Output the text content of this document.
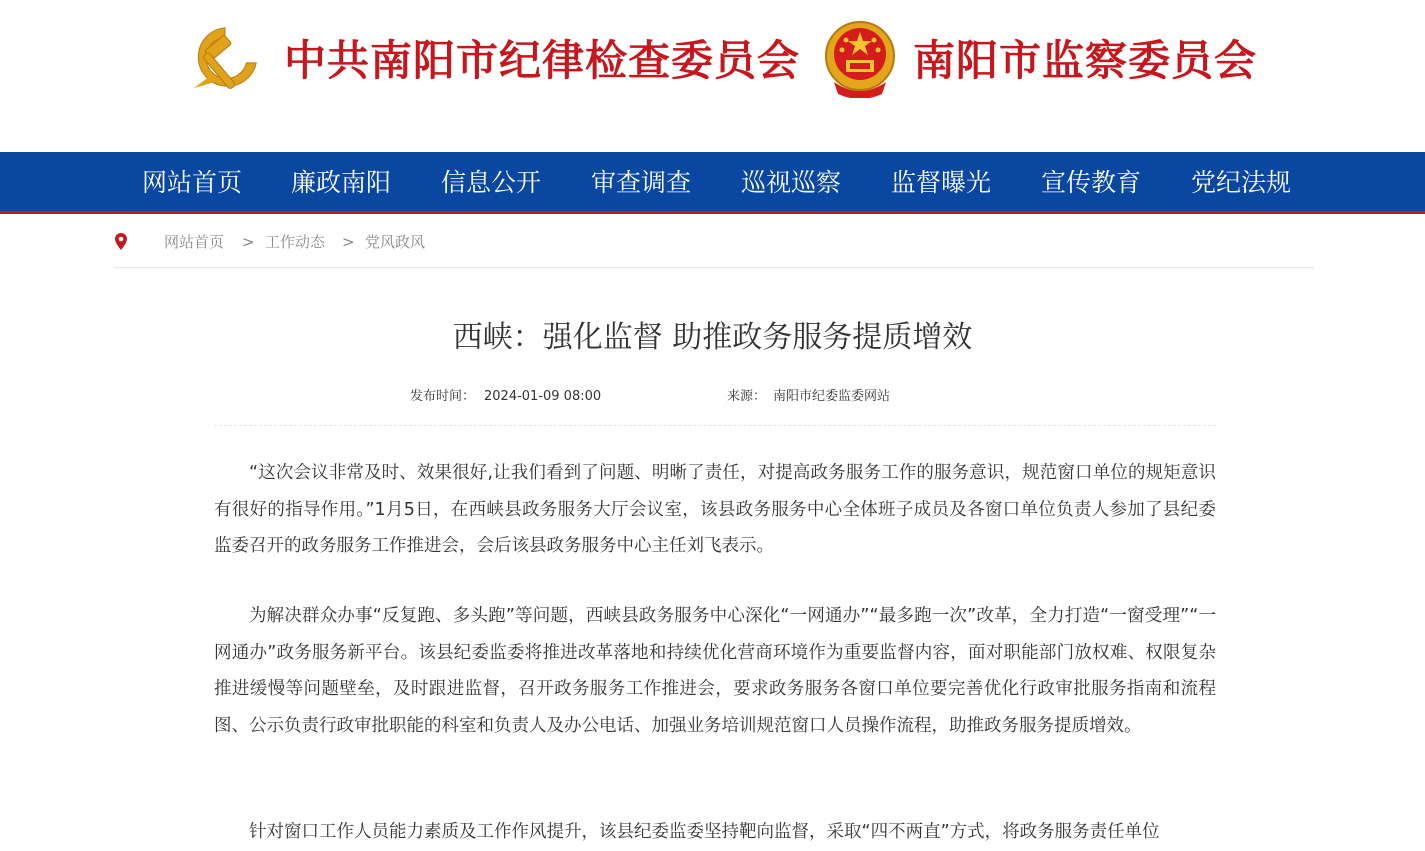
中共南阳市纪律检查委员会	南阳市监察委员会
网站首页 廉政南阳 信息公开 审查调查 巡视巡察 监督曝光 宣传教育 党纪法规
网站首页 > 工作动态 > 党风政风
西峡：强化监督 助推政务服务提质增效
发布时间： 2024-01-09 08:00	来源： 南阳市纪委监委网站

“这次会议非常及时、效果很好,让我们看到了问题、明晰了责任，对提高政务服务工作的服务意识，规范窗口单位的规矩意识有很好的指导作用。”1月5日，在西峡县政务服务大厅会议室，该县政务服务中心全体班子成员及各窗口单位负责人参加了县纪委监委召开的政务服务工作推进会，会后该县政务服务中心主任刘飞表示。

为解决群众办事“反复跑、多头跑”等问题，西峡县政务服务中心深化“一网通办”“最多跑一次”改革，全力打造“一窗受理”“一网通办”政务服务新平台。该县纪委监委将推进改革落地和持续优化营商环境作为重要监督内容，面对职能部门放权难、权限复杂推进缓慢等问题壁垒，及时跟进监督，召开政务服务工作推进会，要求政务服务各窗口单位要完善优化行政审批服务指南和流程图、公示负责行政审批职能的科室和负责人及办公电话、加强业务培训规范窗口人员操作流程，助推政务服务提质增效。

针对窗口工作人员能力素质及工作作风提升，该县纪委监委坚持靶向监督，采取“四不两直”方式，将政务服务责任单位
